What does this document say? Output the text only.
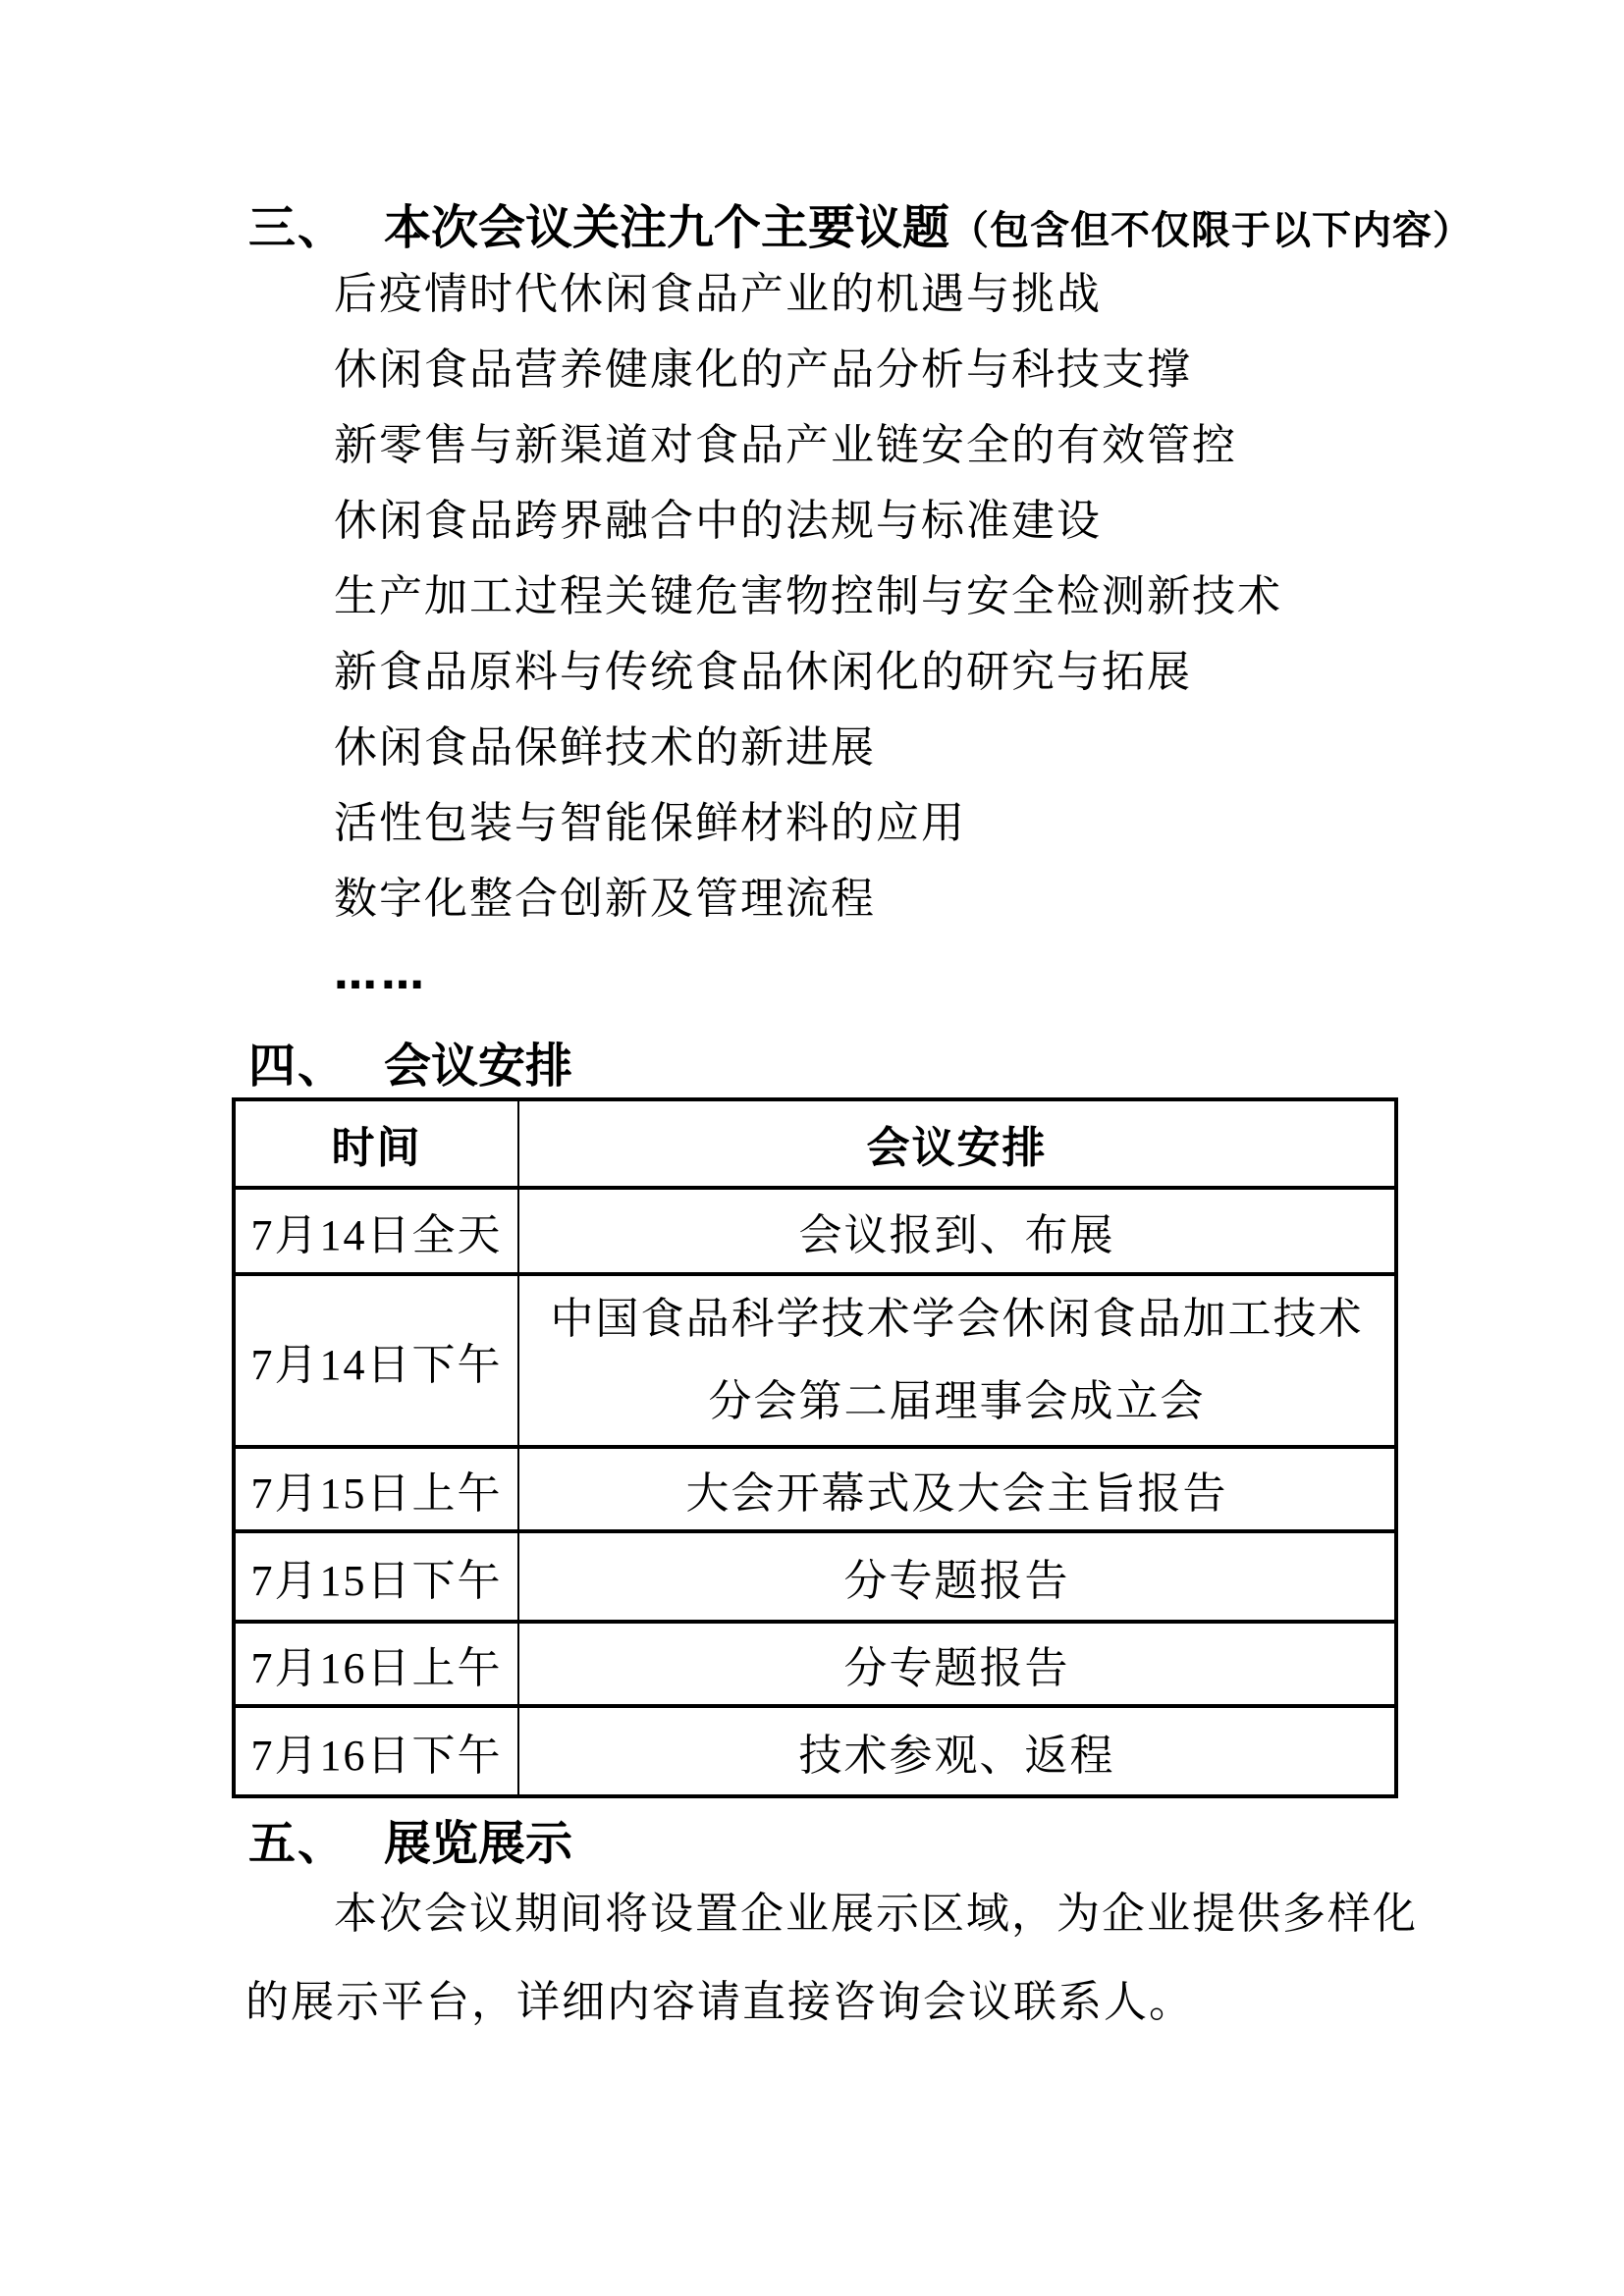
三、 本次会议关注九个主要议题 （包含但不仅限于以下内容）
后疫情时代休闲食品产业的机遇与挑战
休闲食品营养健康化的产品分析与科技支撑
新零售与新渠道对食品产业链安全的有效管控
休闲食品跨界融合中的法规与标准建设
生产加工过程关键危害物控制与安全检测新技术
新食品原料与传统食品休闲化的研究与拓展
休闲食品保鲜技术的新进展
活性包装与智能保鲜材料的应用
数字化整合创新及管理流程
……
四、 会议安排
时间	会议安排
7月14日全天	会议报到、布展
7月14日下午	中国食品科学技术学会休闲食品加工技术
分会第二届理事会成立会

7月15日上午	大会开幕式及大会主旨报告
7月15日下午	分专题报告
7月16日上午	分专题报告
7月16日下午	技术参观、返程
五、 展览展示
本次会议期间将设置企业展示区域，为企业提供多样化
的展示平台，详细内容请直接咨询会议联系人。
